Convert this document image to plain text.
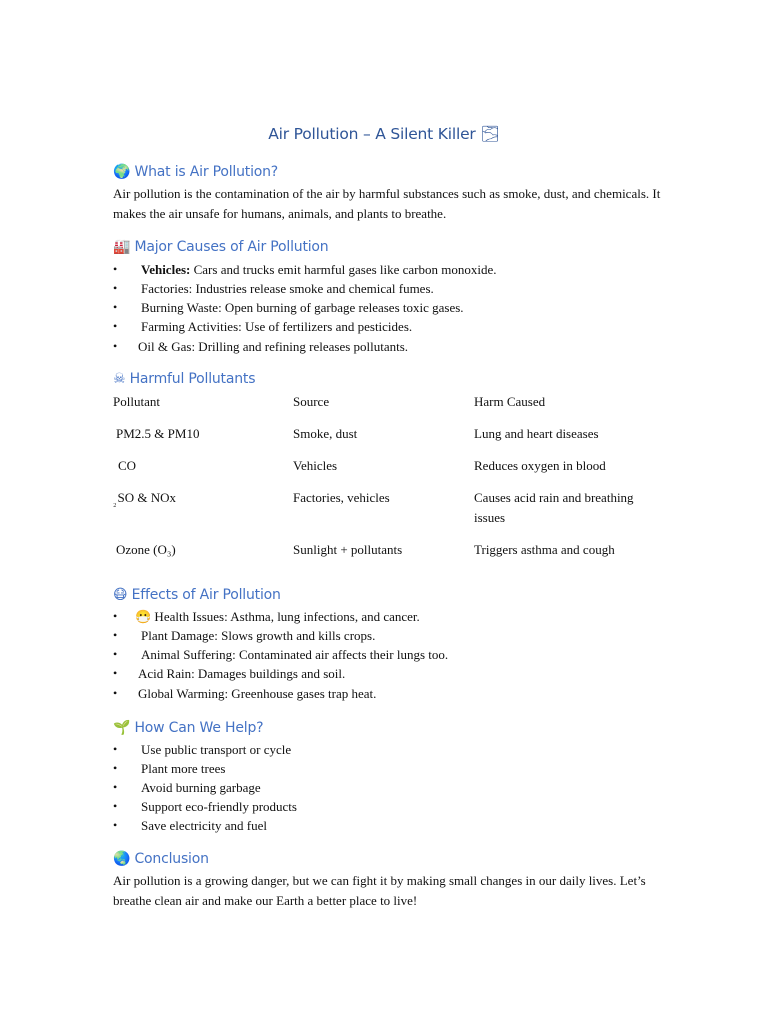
Air Pollution – A Silent Killer 🌫
🌍 What is Air Pollution?
Air pollution is the contamination of the air by harmful substances such as smoke, dust, and chemicals. It makes the air unsafe for humans, animals, and plants to breathe.
🏭 Major Causes of Air Pollution
• Vehicles: Cars and trucks emit harmful gases like carbon monoxide.
• Factories: Industries release smoke and chemical fumes.
• Burning Waste: Open burning of garbage releases toxic gases.
• Farming Activities: Use of fertilizers and pesticides.
• Oil & Gas: Drilling and refining releases pollutants.
☠ Harmful Pollutants
Pollutant	Source	Harm Caused
PM2.5 & PM10	Smoke, dust	Lung and heart diseases
CO	Vehicles	Reduces oxygen in blood
$_{_2}$SO & NOx	Factories, vehicles	Causes acid rain and breathing issues
Ozone (O₃)	Sunlight + pollutants	Triggers asthma and cough
😷 Effects of Air Pollution
• 😷 Health Issues: Asthma, lung infections, and cancer.
• Plant Damage: Slows growth and kills crops.
• Animal Suffering: Contaminated air affects their lungs too.
• Acid Rain: Damages buildings and soil.
• Global Warming: Greenhouse gases trap heat.
🌱 How Can We Help?
• Use public transport or cycle
• Plant more trees
• Avoid burning garbage
• Support eco-friendly products
• Save electricity and fuel
🌏 Conclusion
Air pollution is a growing danger, but we can fight it by making small changes in our daily lives. Let’s breathe clean air and make our Earth a better place to live!
